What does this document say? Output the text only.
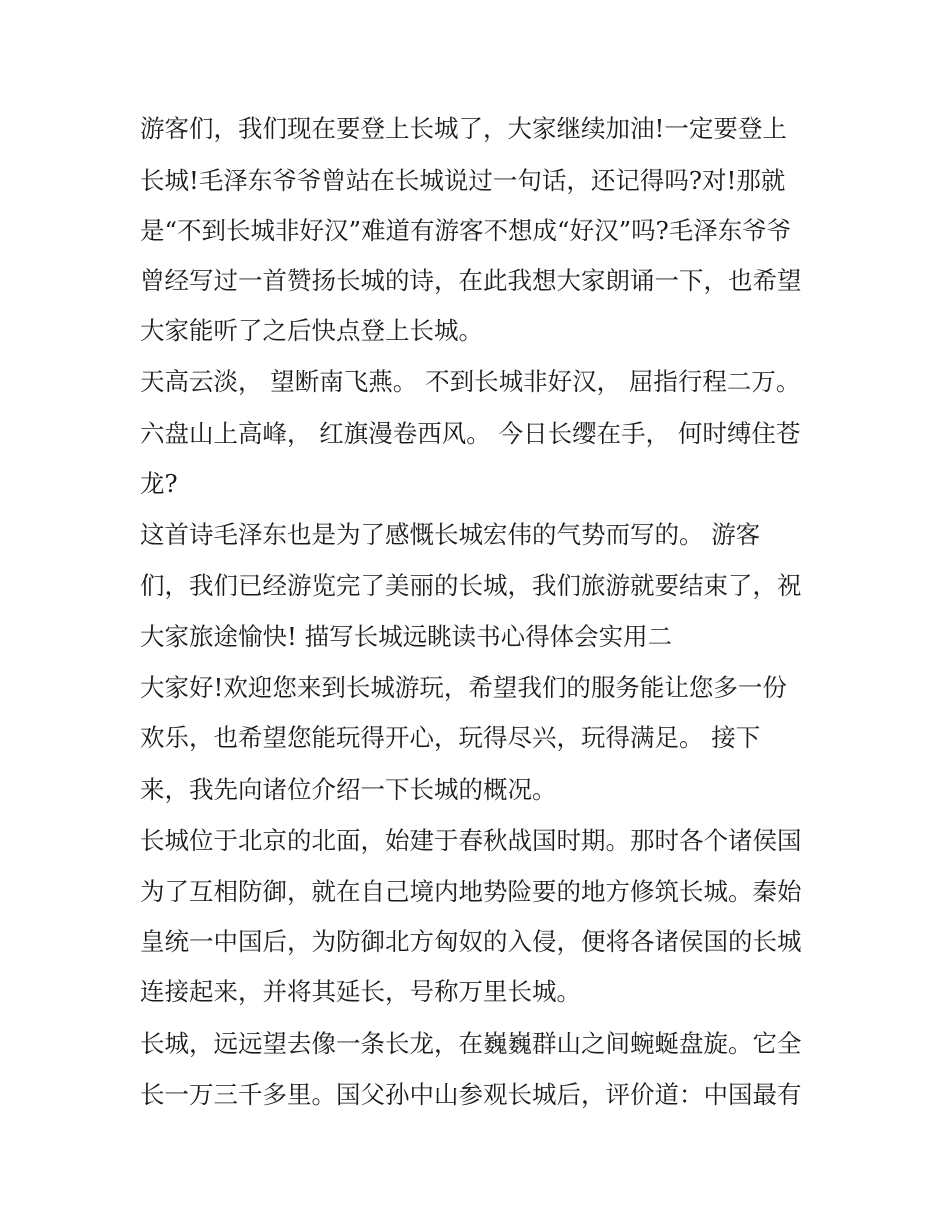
游客们，我们现在要登上长城了，大家继续加油!一定要登上
长城!毛泽东爷爷曾站在长城说过一句话，还记得吗?对!那就
是“不到长城非好汉”难道有游客不想成“好汉”吗?毛泽东爷爷
曾经写过一首赞扬长城的诗，在此我想大家朗诵一下，也希望
大家能听了之后快点登上长城。
天高云淡， 望断南飞燕。 不到长城非好汉， 屈指行程二万。
六盘山上高峰， 红旗漫卷西风。 今日长缨在手， 何时缚住苍
龙?
这首诗毛泽东也是为了感慨长城宏伟的气势而写的。 游客
们，我们已经游览完了美丽的长城，我们旅游就要结束了，祝
大家旅途愉快! 描写长城远眺读书心得体会实用二
大家好!欢迎您来到长城游玩，希望我们的服务能让您多一份
欢乐，也希望您能玩得开心，玩得尽兴，玩得满足。 接下
来，我先向诸位介绍一下长城的概况。
长城位于北京的北面，始建于春秋战国时期。那时各个诸侯国
为了互相防御，就在自己境内地势险要的地方修筑长城。秦始
皇统一中国后，为防御北方匈奴的入侵，便将各诸侯国的长城
连接起来，并将其延长，号称万里长城。
长城，远远望去像一条长龙，在巍巍群山之间蜿蜒盘旋。它全
长一万三千多里。国父孙中山参观长城后，评价道：中国最有
